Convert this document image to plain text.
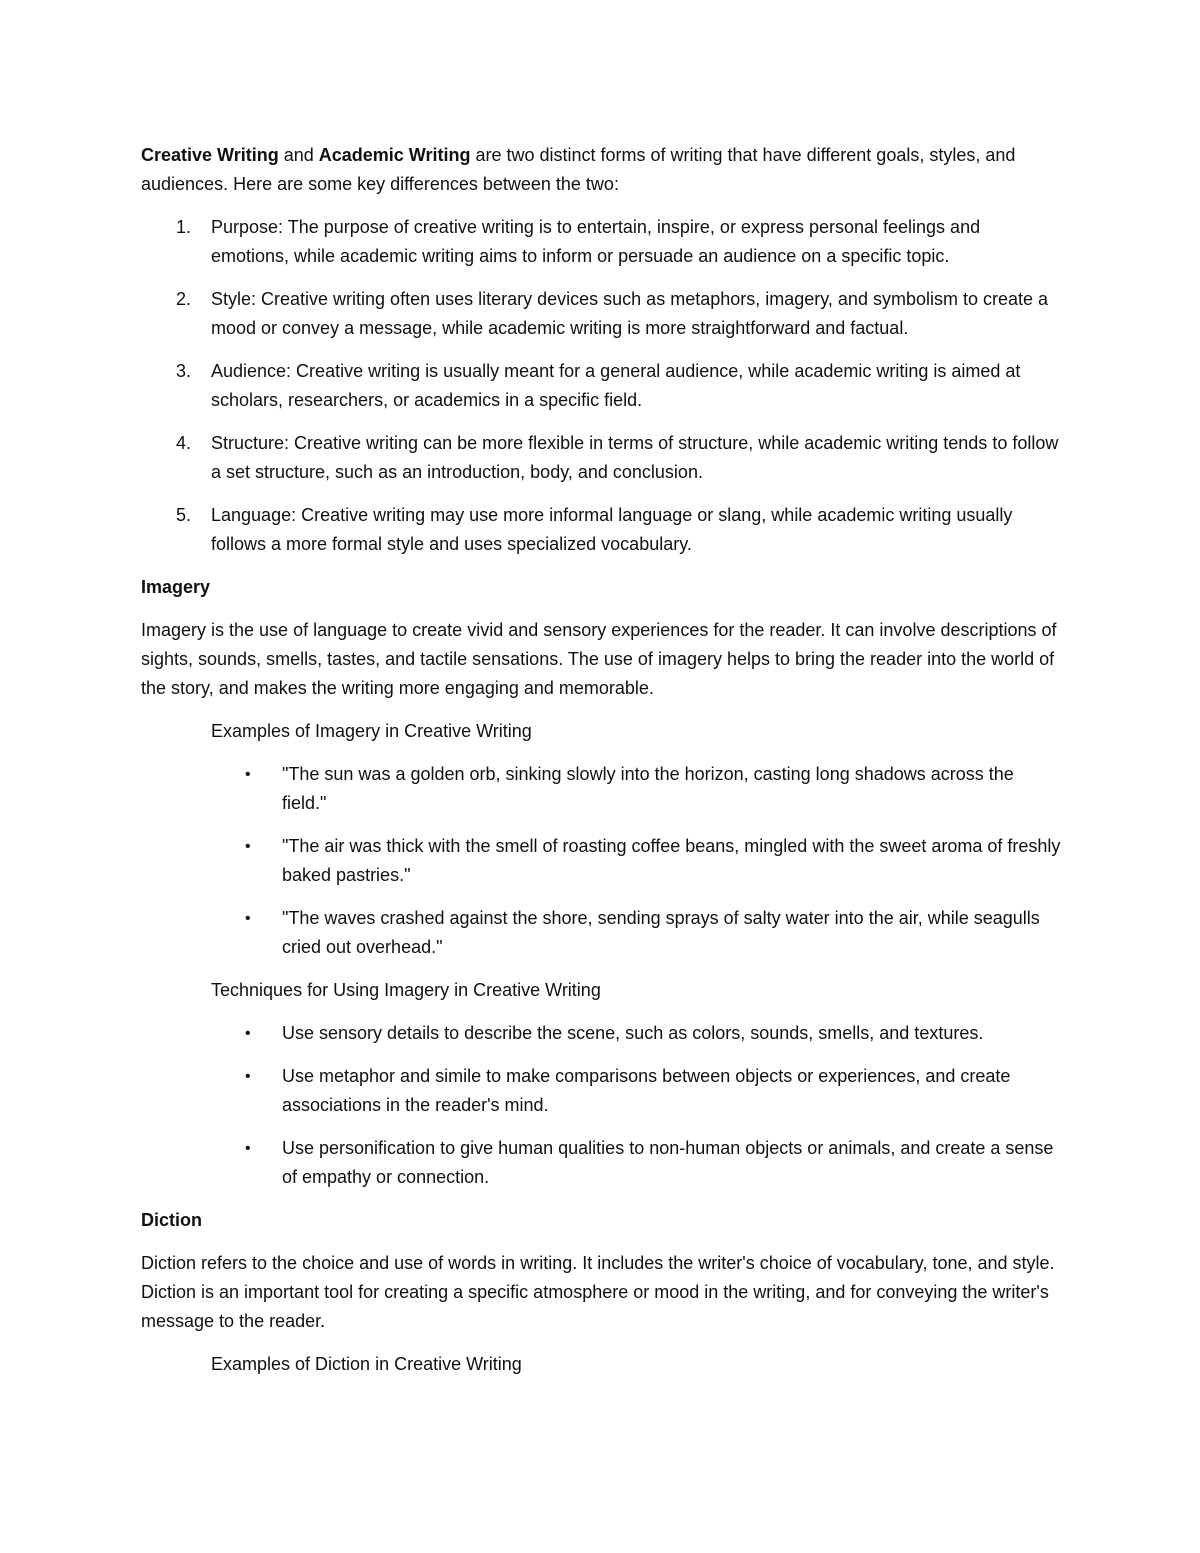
Creative Writing and Academic Writing are two distinct forms of writing that have different goals, styles, and audiences. Here are some key differences between the two:

1. Purpose: The purpose of creative writing is to entertain, inspire, or express personal feelings and emotions, while academic writing aims to inform or persuade an audience on a specific topic.
2. Style: Creative writing often uses literary devices such as metaphors, imagery, and symbolism to create a mood or convey a message, while academic writing is more straightforward and factual.
3. Audience: Creative writing is usually meant for a general audience, while academic writing is aimed at scholars, researchers, or academics in a specific field.
4. Structure: Creative writing can be more flexible in terms of structure, while academic writing tends to follow a set structure, such as an introduction, body, and conclusion.
5. Language: Creative writing may use more informal language or slang, while academic writing usually follows a more formal style and uses specialized vocabulary.

Imagery

Imagery is the use of language to create vivid and sensory experiences for the reader. It can involve descriptions of sights, sounds, smells, tastes, and tactile sensations. The use of imagery helps to bring the reader into the world of the story, and makes the writing more engaging and memorable.

Examples of Imagery in Creative Writing

• "The sun was a golden orb, sinking slowly into the horizon, casting long shadows across the field."
• "The air was thick with the smell of roasting coffee beans, mingled with the sweet aroma of freshly baked pastries."
• "The waves crashed against the shore, sending sprays of salty water into the air, while seagulls cried out overhead."

Techniques for Using Imagery in Creative Writing

• Use sensory details to describe the scene, such as colors, sounds, smells, and textures.
• Use metaphor and simile to make comparisons between objects or experiences, and create associations in the reader's mind.
• Use personification to give human qualities to non-human objects or animals, and create a sense of empathy or connection.

Diction

Diction refers to the choice and use of words in writing. It includes the writer's choice of vocabulary, tone, and style. Diction is an important tool for creating a specific atmosphere or mood in the writing, and for conveying the writer's message to the reader.

Examples of Diction in Creative Writing
